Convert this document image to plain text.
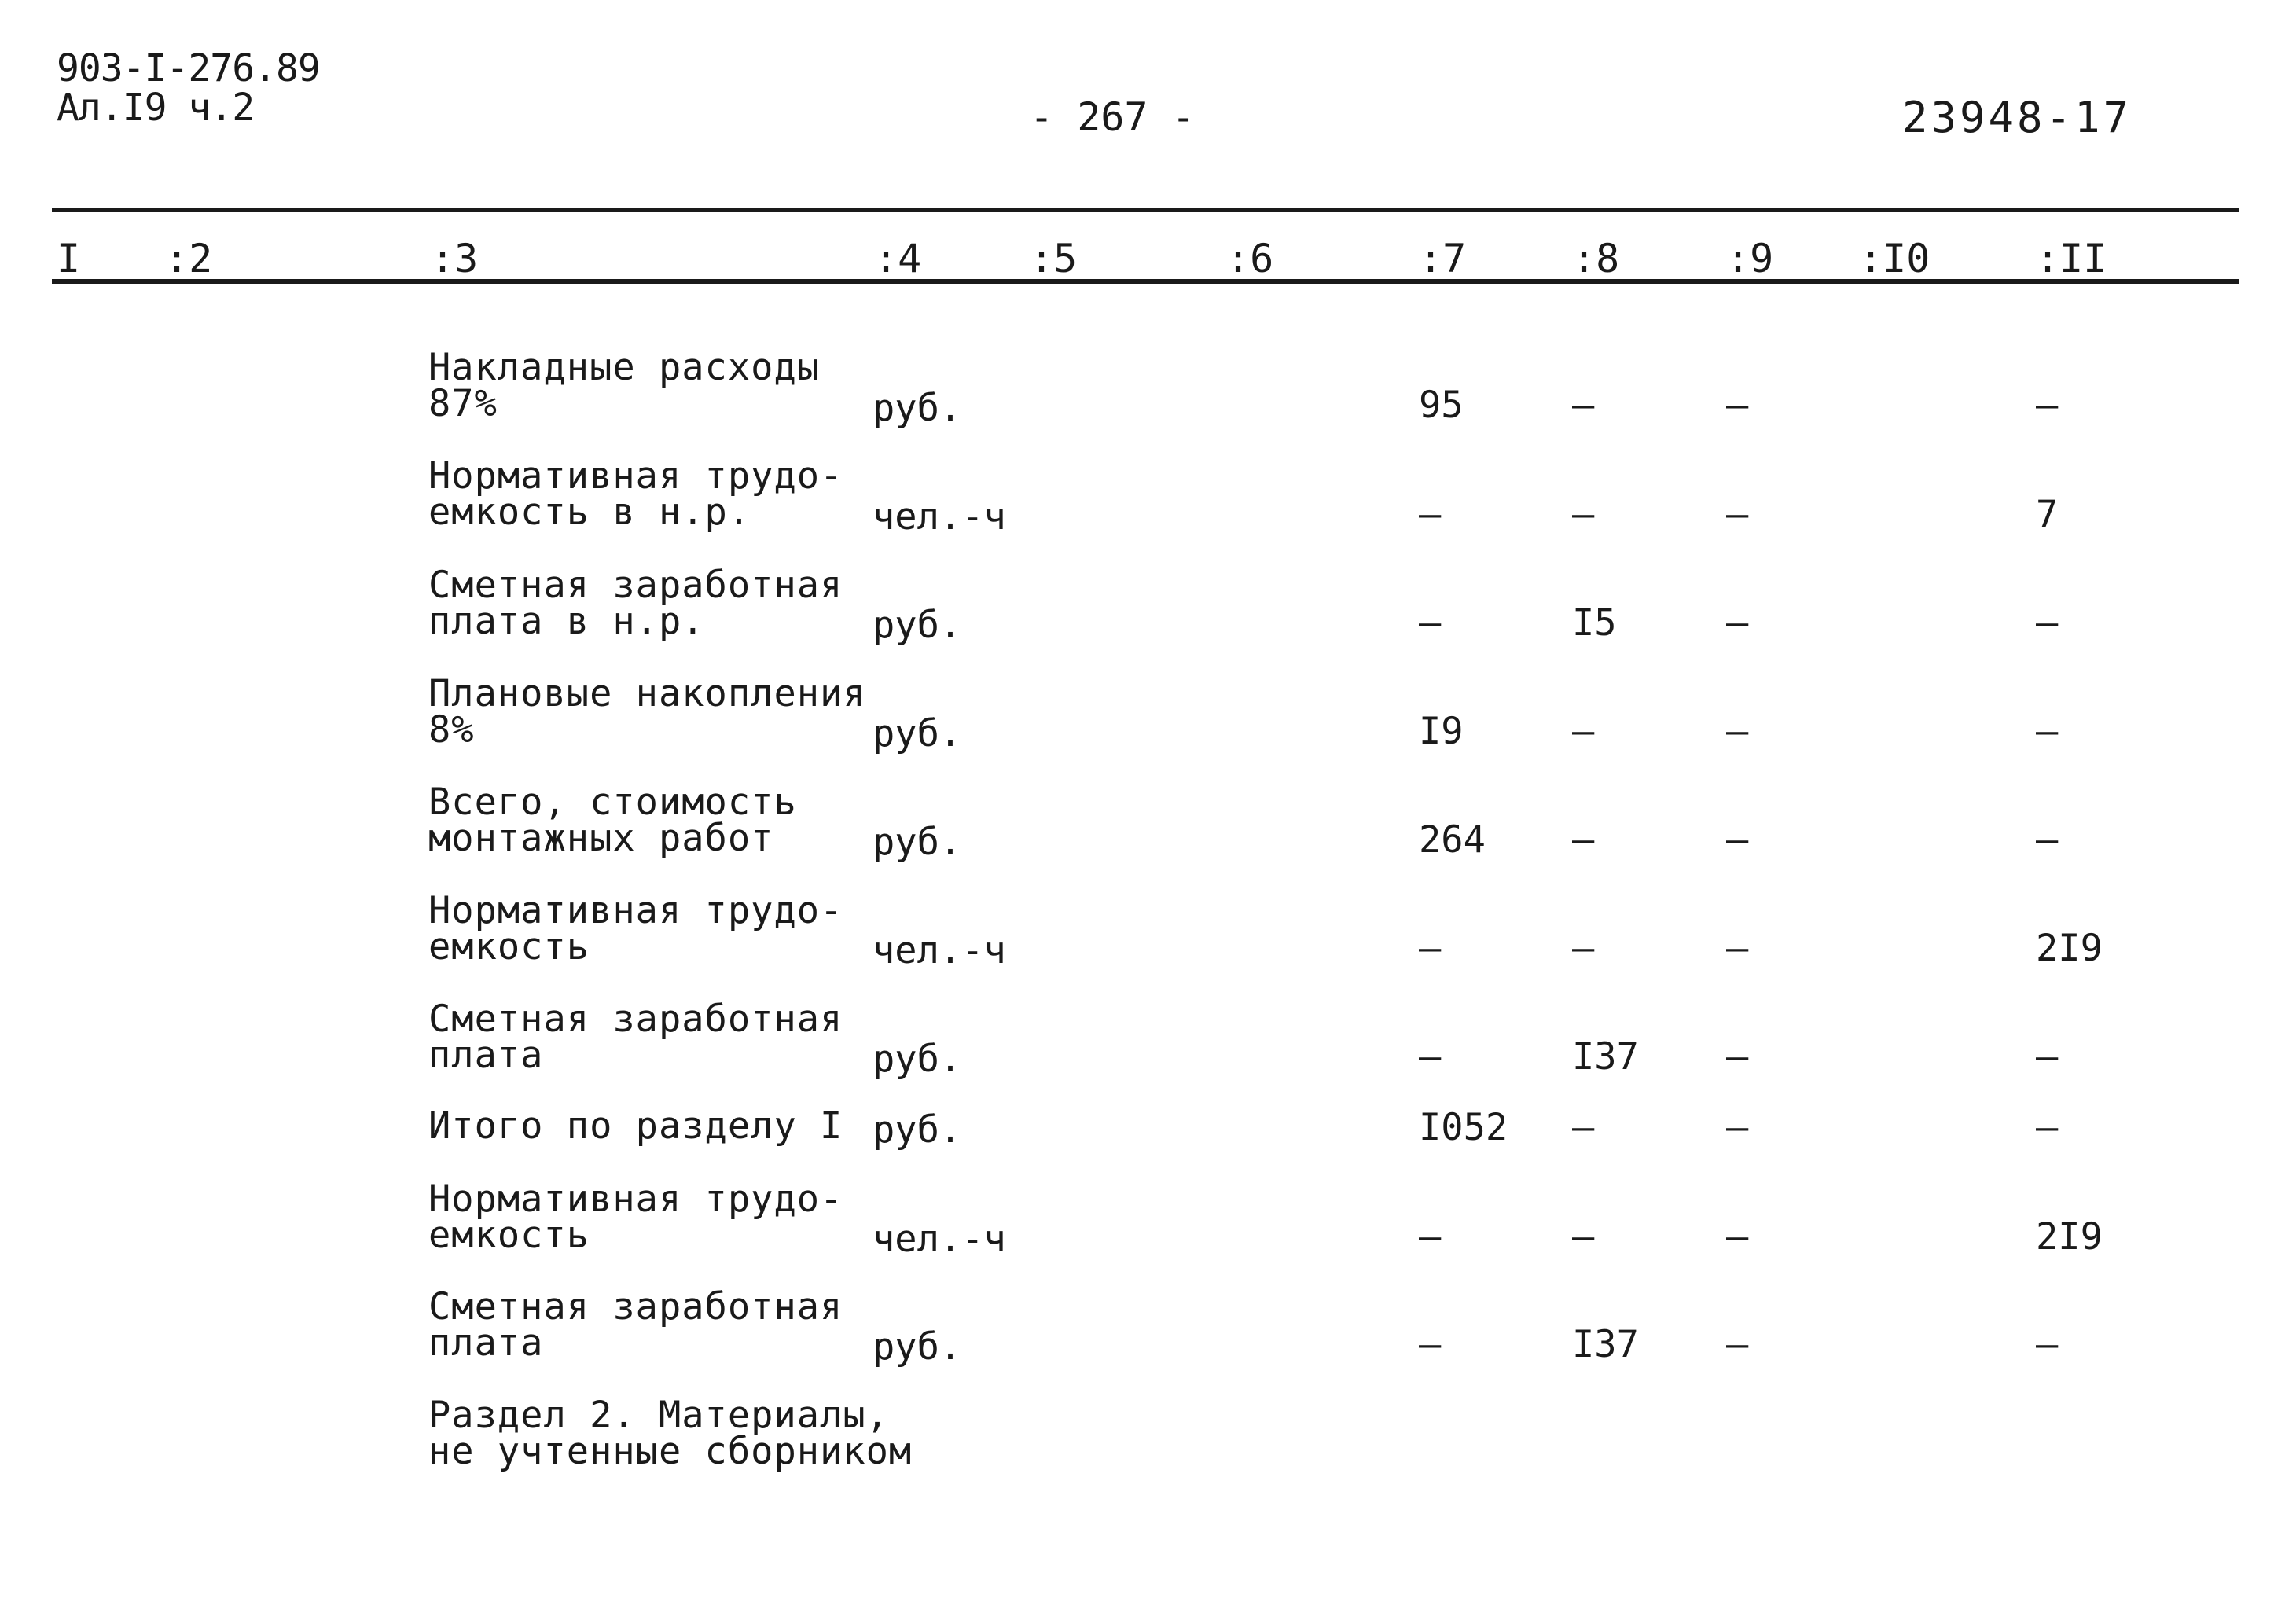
903-I-276.89
Ал.I9 ч.2	- 267 -	23948-17
I :2	:3	:4	:5	:6	:7	:8	:9 :I0	:II
Накладные расходы
87%	руб.	95	–	–	–
Нормативная трудо-
емкость в н.р.	чел.-ч	–	–	–	7
Сметная заработная
плата в н.р.	руб.	–	I5	–	–
Плановые накопления
8%	руб.	I9	–	–	–
Всего, стоимость
монтажных работ	руб.	264 –	–	–
Нормативная трудо-
емкость	чел.-ч	–	–	–	2I9
Сметная заработная
плата	руб.	–	I37 –	–
Итого по разделу I руб.	I052 –	–	–
Нормативная трудо-
емкость	чел.-ч	–	–	–	2I9
Сметная заработная
плата	руб.	–	I37 –	–
Раздел 2. Материалы,
не учтенные сборником
